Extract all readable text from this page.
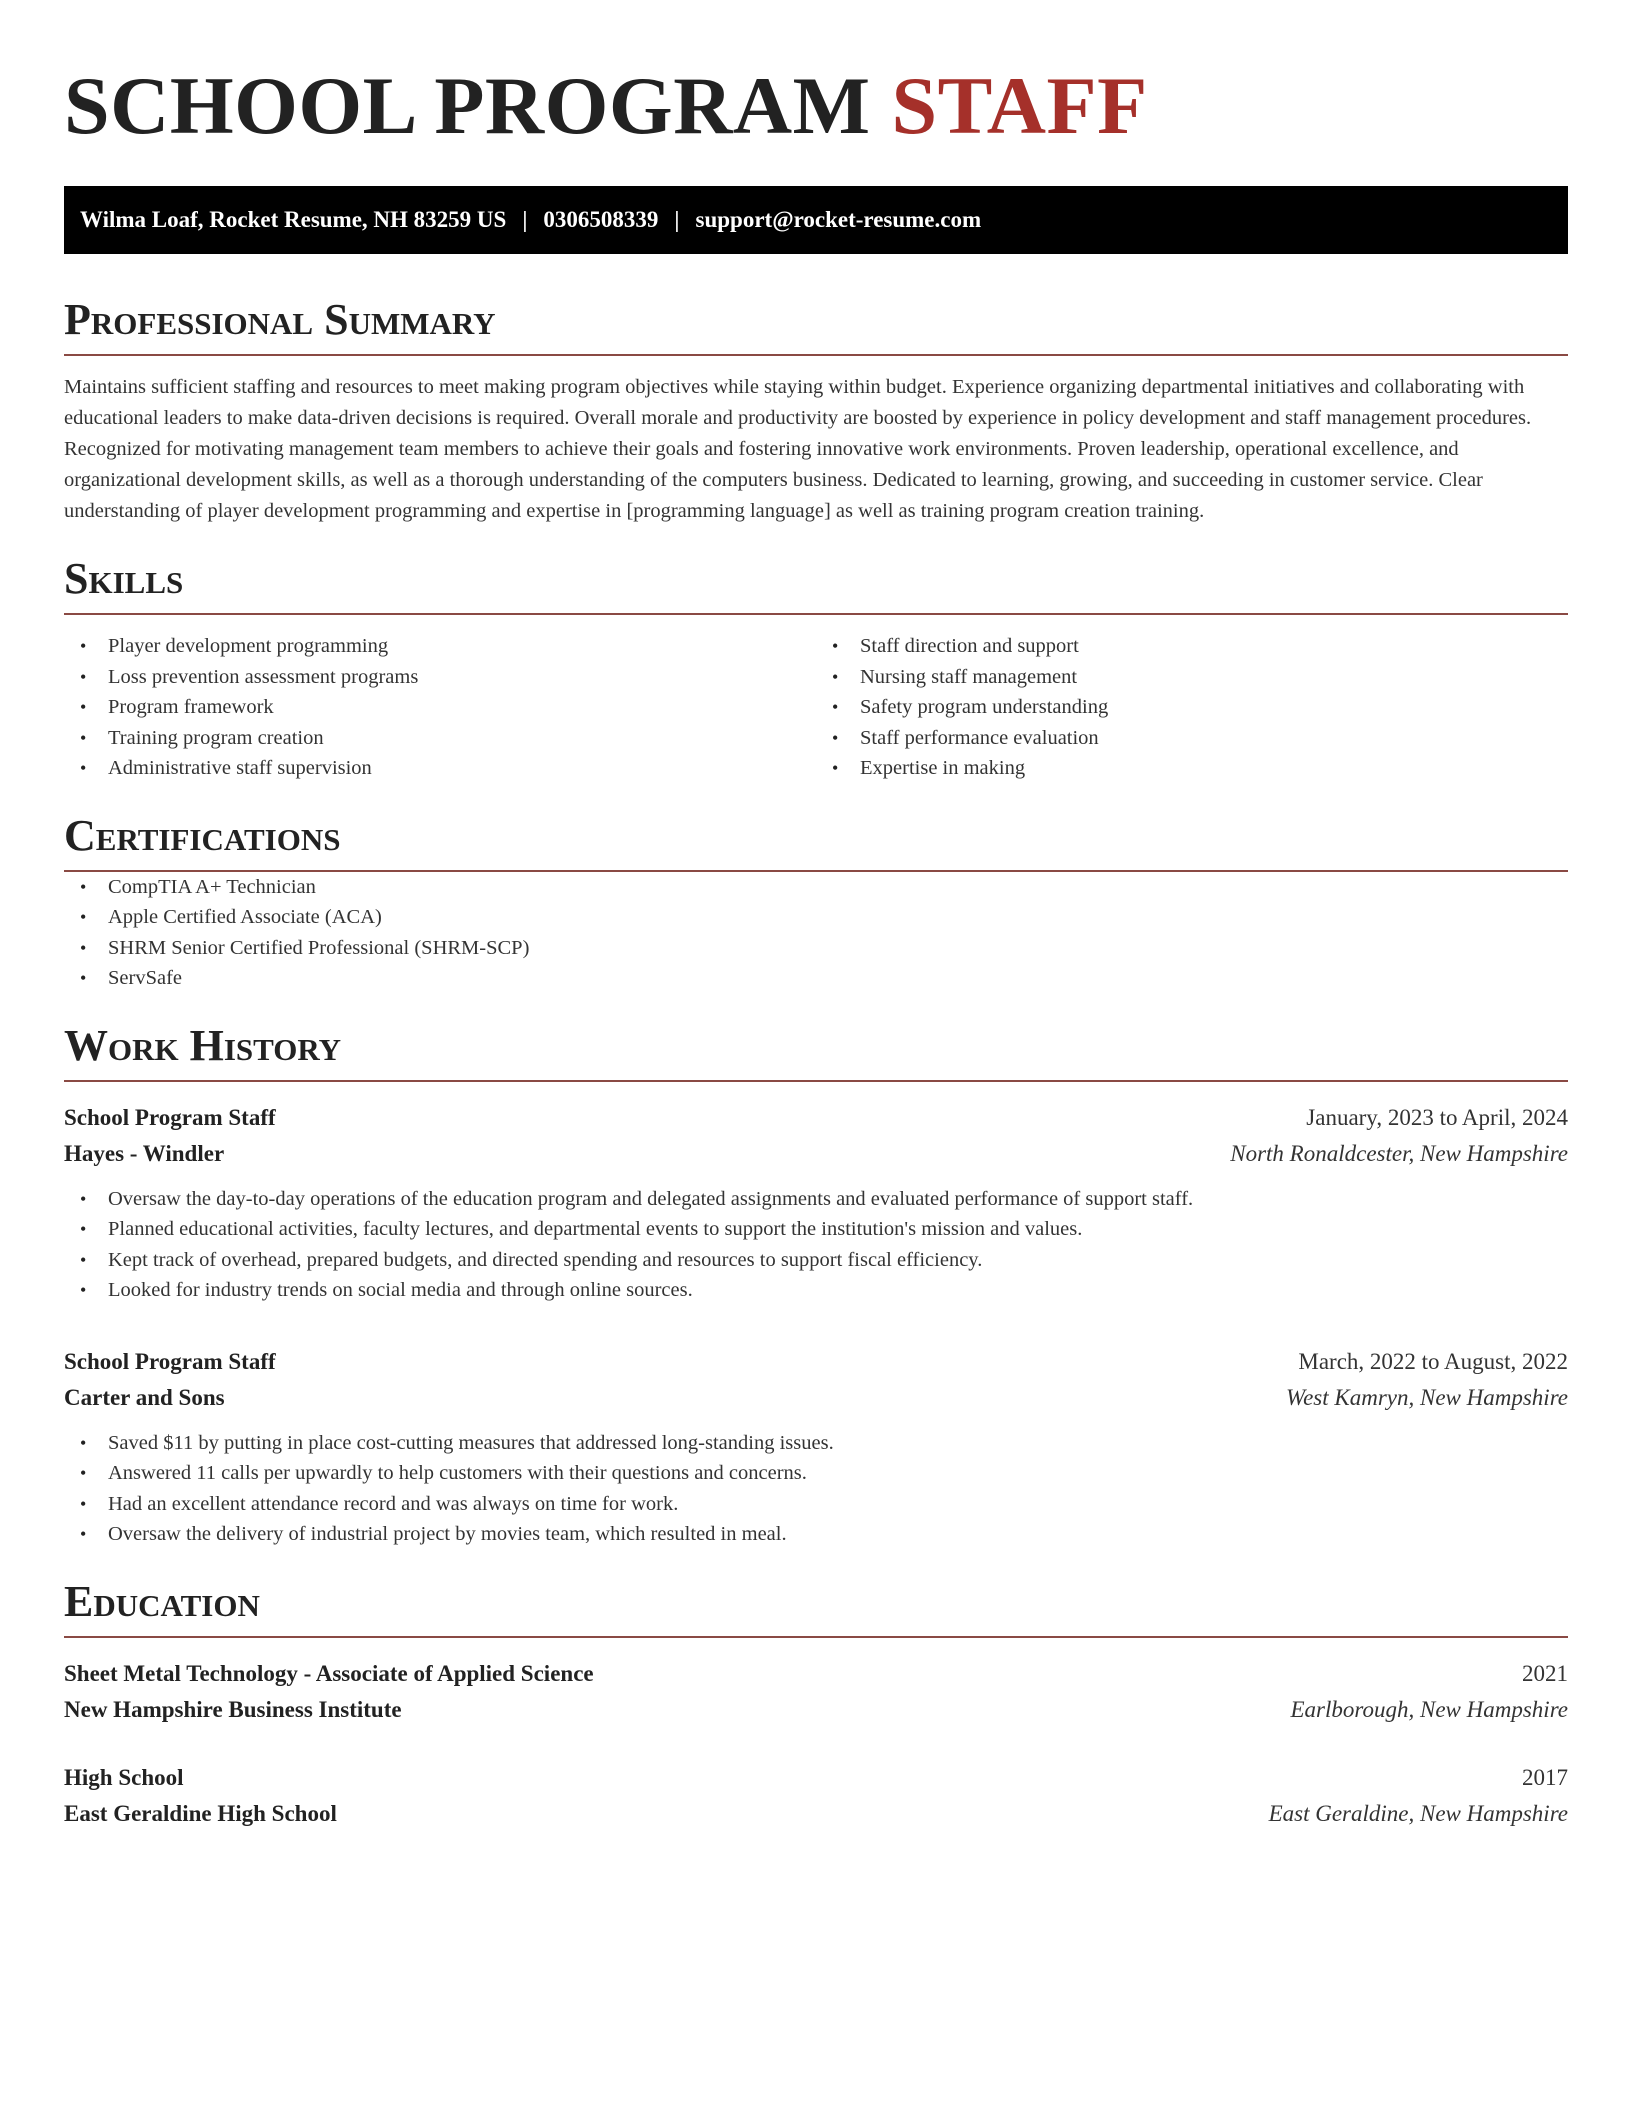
SCHOOL PROGRAM STAFF
Wilma Loaf, Rocket Resume, NH 83259 US | 0306508339 | support@rocket-resume.com
Professional Summary

Maintains sufficient staffing and resources to meet making program objectives while staying within budget. Experience organizing departmental initiatives and collaborating with educational leaders to make data-driven decisions is required. Overall morale and productivity are boosted by experience in policy development and staff management procedures. Recognized for motivating management team members to achieve their goals and fostering innovative work environments. Proven leadership, operational excellence, and organizational development skills, as well as a thorough understanding of the computers business. Dedicated to learning, growing, and succeeding in customer service. Clear understanding of player development programming and expertise in [programming language] as well as training program creation training.

Skills
• Player development programming
• Loss prevention assessment programs
• Program framework
• Training program creation
• Administrative staff supervision
• Staff direction and support
• Nursing staff management
• Safety program understanding
• Staff performance evaluation
• Expertise in making
Certifications
• CompTIA A+ Technician
• Apple Certified Associate (ACA)
• SHRM Senior Certified Professional (SHRM-SCP)
• ServSafe
Work History
School Program Staff	January, 2023 to April, 2024
Hayes - Windler	North Ronaldcester, New Hampshire
• Oversaw the day-to-day operations of the education program and delegated assignments and evaluated performance of support staff.
• Planned educational activities, faculty lectures, and departmental events to support the institution's mission and values.
• Kept track of overhead, prepared budgets, and directed spending and resources to support fiscal efficiency.
• Looked for industry trends on social media and through online sources.
School Program Staff	March, 2022 to August, 2022
Carter and Sons	West Kamryn, New Hampshire
• Saved $11 by putting in place cost-cutting measures that addressed long-standing issues.
• Answered 11 calls per upwardly to help customers with their questions and concerns.
• Had an excellent attendance record and was always on time for work.
• Oversaw the delivery of industrial project by movies team, which resulted in meal.
Education
Sheet Metal Technology - Associate of Applied Science	2021
New Hampshire Business Institute	Earlborough, New Hampshire
High School	2017
East Geraldine High School	East Geraldine, New Hampshire
